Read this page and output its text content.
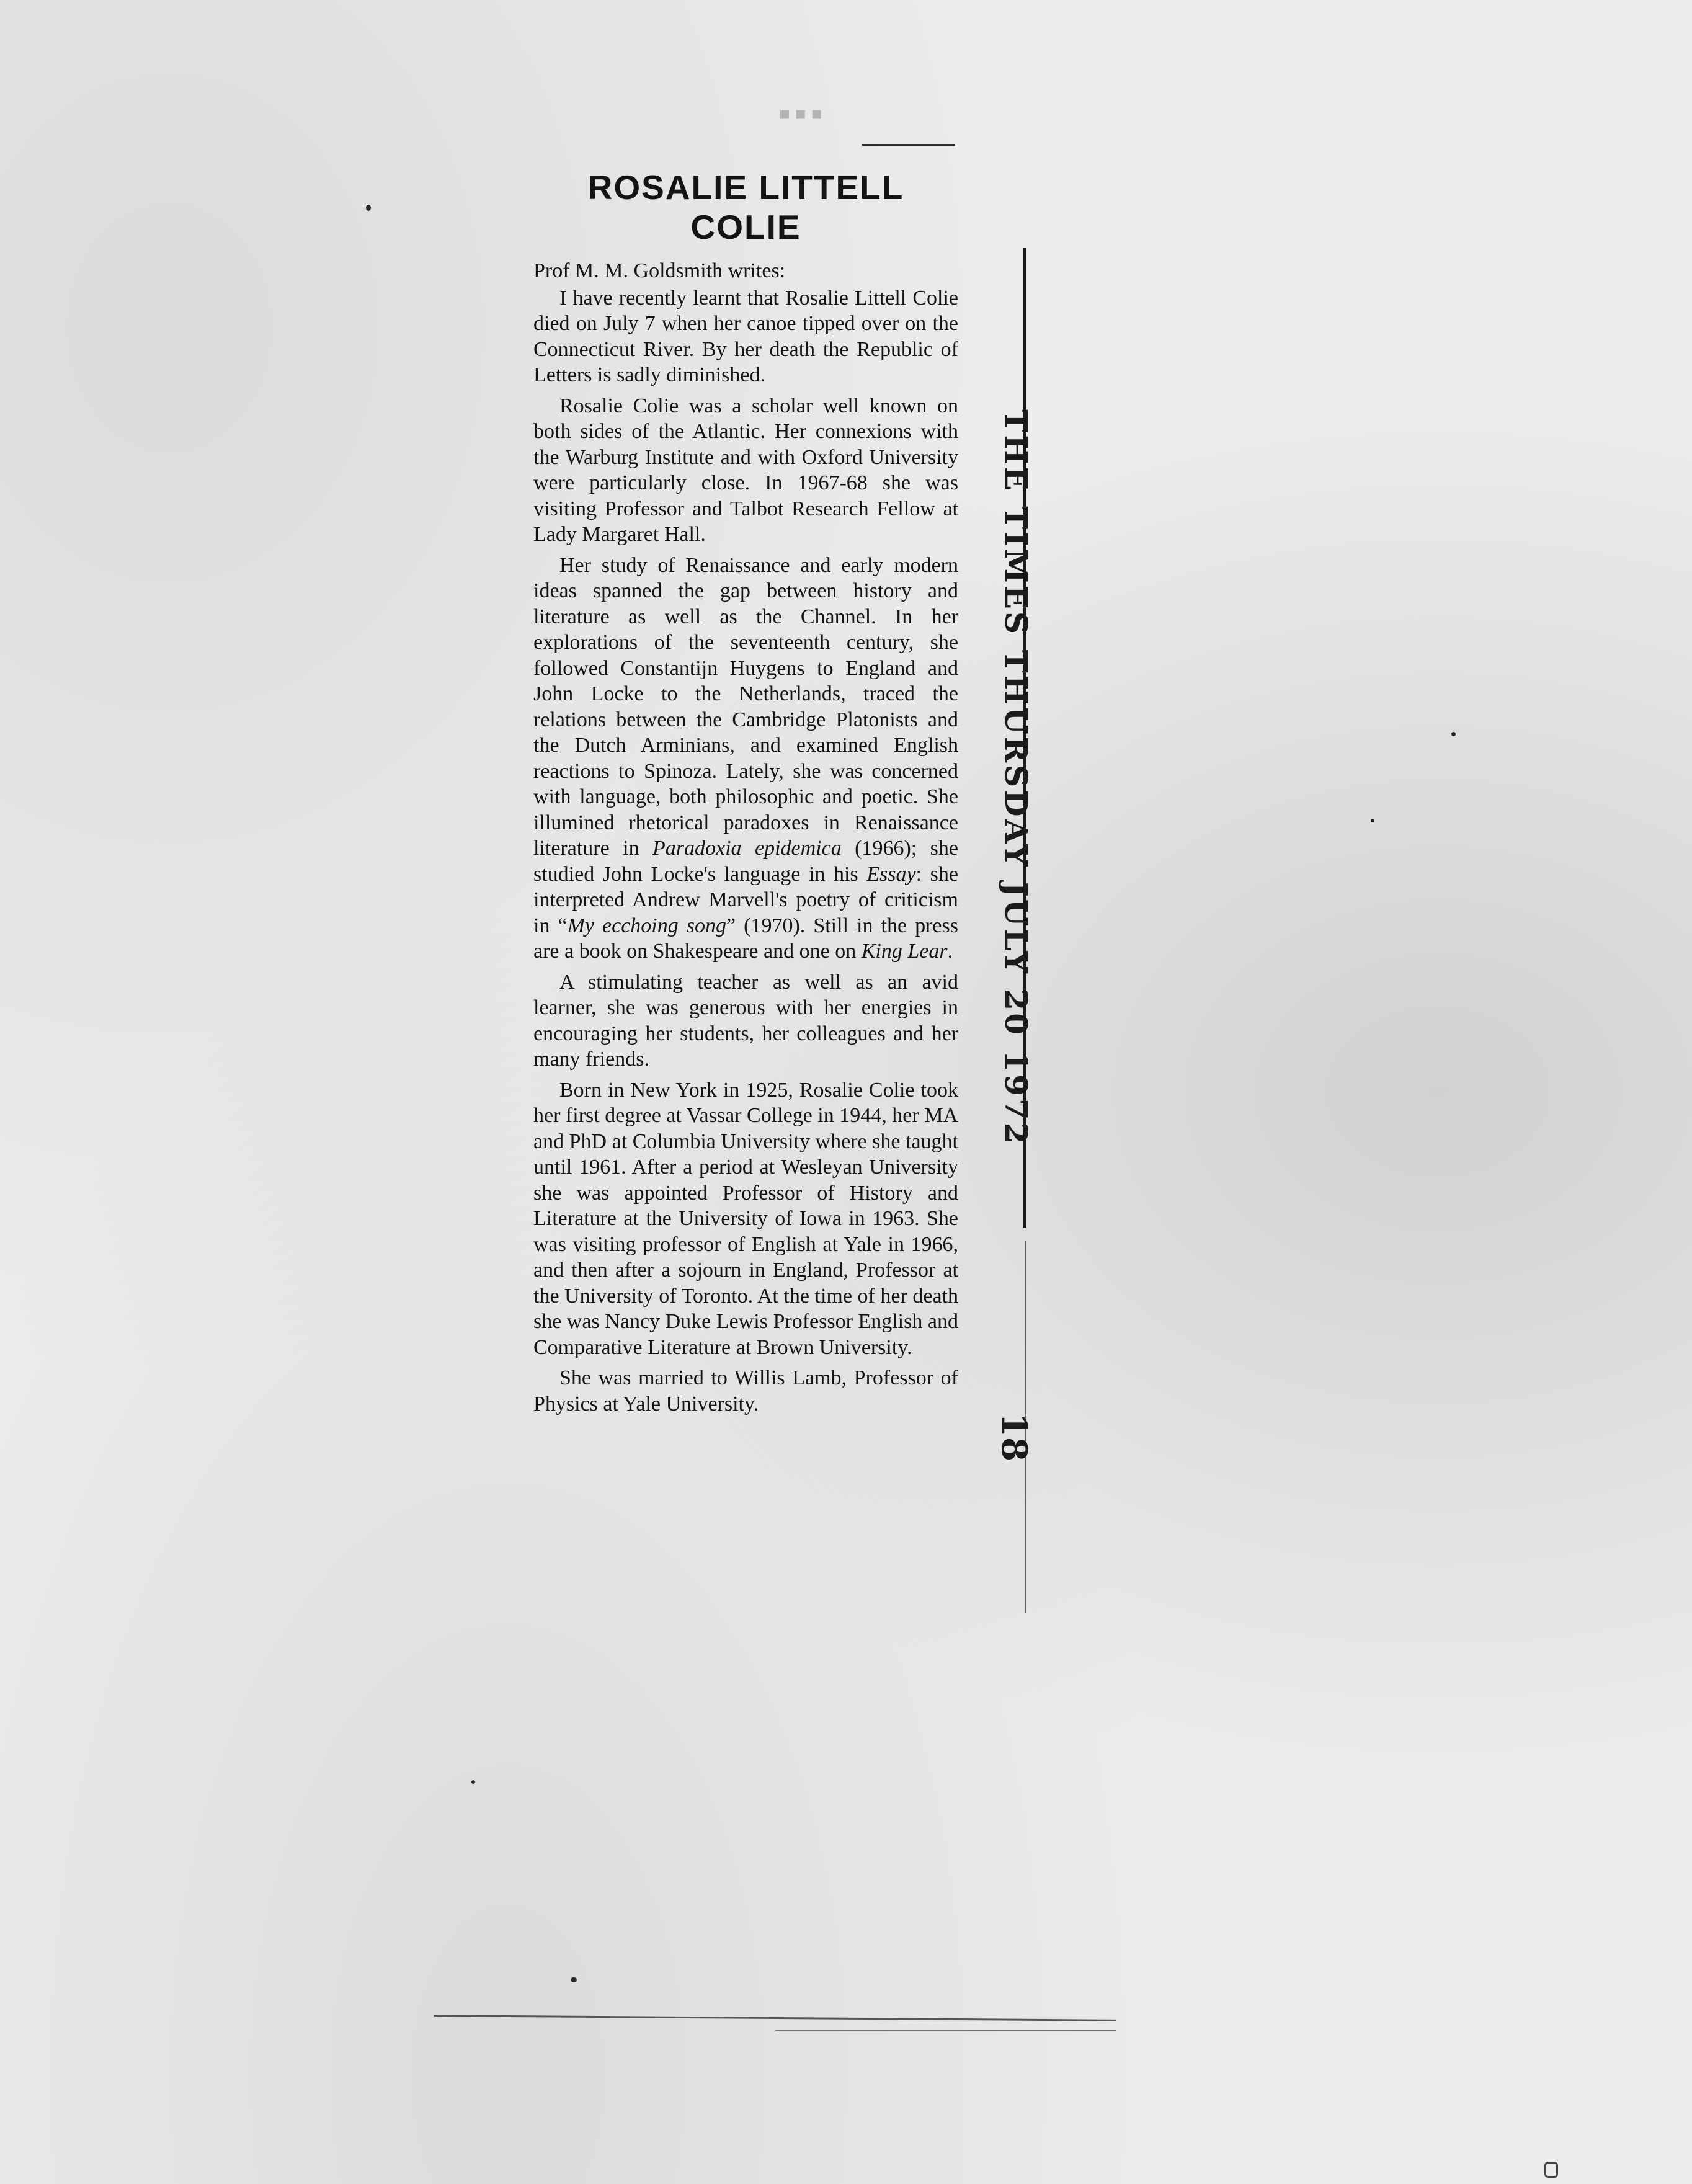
▪▪▪
ROSALIE LITTELL
COLIE

Prof M. M. Goldsmith writes:

I have recently learnt that Rosalie Littell Colie died on July 7 when her canoe tipped over on the Connecticut River. By her death the Republic of Letters is sadly diminished.

Rosalie Colie was a scholar well known on both sides of the Atlantic. Her connexions with the Warburg Institute and with Oxford University were particularly close. In 1967-68 she was visiting Professor and Talbot Research Fellow at Lady Margaret Hall.

Her study of Renaissance and early modern ideas spanned the gap between history and literature as well as the Channel. In her explorations of the seventeenth century, she followed Constantijn Huygens to England and John Locke to the Netherlands, traced the relations between the Cambridge Platonists and the Dutch Arminians, and examined English reactions to Spinoza. Lately, she was concerned with language, both philosophic and poetic. She illumined rhetorical paradoxes in Renaissance literature in Paradoxia epidemica (1966); she studied John Locke's language in his Essay: she interpreted Andrew Marvell's poetry of criticism in “My ecchoing song” (1970). Still in the press are a book on Shakespeare and one on King Lear.

A stimulating teacher as well as an avid learner, she was generous with her energies in encouraging her students, her colleagues and her many friends.

Born in New York in 1925, Rosalie Colie took her first degree at Vassar College in 1944, her MA and PhD at Columbia University where she taught until 1961. After a period at Wesleyan University she was appointed Professor of History and Literature at the University of Iowa in 1963. She was visiting professor of English at Yale in 1966, and then after a sojourn in England, Professor at the University of Toronto. At the time of her death she was Nancy Duke Lewis Professor English and Comparative Literature at Brown University.

She was married to Willis Lamb, Professor of Physics at Yale University.

THE TIMES THURSDAY JULY 20 1972
18
